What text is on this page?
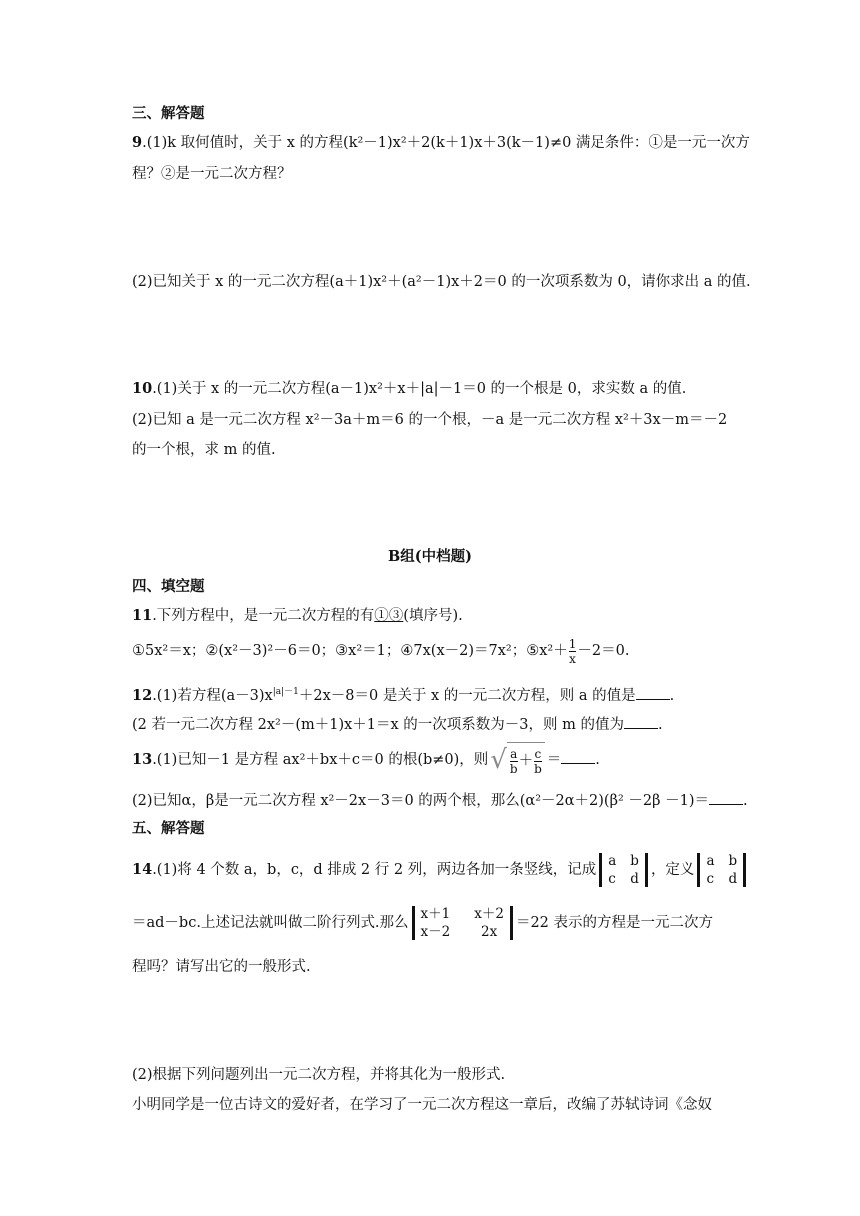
三、解答题
9.(1)k 取何值时，关于 x 的方程(k²－1)x²＋2(k＋1)x＋3(k－1)≠0 满足条件：①是一元一次方
程？②是一元二次方程？
(2)已知关于 x 的一元二次方程(a＋1)x²＋(a²－1)x＋2＝0 的一次项系数为 0，请你求出 a 的值.
10.(1)关于 x 的一元二次方程(a－1)x²＋x＋|a|－1＝0 的一个根是 0，求实数 a 的值.
(2)已知 a 是一元二次方程 x²－3a＋m＝6 的一个根，－a 是一元二次方程 x²＋3x－m＝－2
的一个根，求 m 的值.
B组(中档题)
四、填空题
11.下列方程中，是一元二次方程的有①③(填序号).
①5x²＝x；②(x²－3)²－6＝0；③x²＝1；④7x(x－2)＝7x²；⑤x²＋ $\frac{1}{x} -2=0$.
12.(1)若方程$(a-3)x^{|a|-1}+2x-8=0$ 是关于 x 的一元二次方程，则 a 的值是 .
(2 若一元二次方程 2x²－(m＋1)x＋1＝x 的一次项系数为－3，则 m 的值为 .
13.(1)已知－1 是方程 ax²＋bx＋c＝0 的根(b≠0)，则 √ $\frac{a}{b} + \frac{c}{b}$ ＝ .
(2)已知α，β是一元二次方程 x²－2x－3＝0 的两个根，那么(α²－2α＋2)(β² －2β －1)＝ .
五、解答题
14.(1)将 4 个数 a，b，c，d 排成 2 行 2 列，两边各加一条竖线，记成
a b
c d
，定义
a b
c d
＝ad－bc.上述记法就叫做二阶行列式.那么
x＋1 x＋2
x－2	2x
＝22 表示的方程是一元二次方
程吗？请写出它的一般形式.
(2)根据下列问题列出一元二次方程，并将其化为一般形式.
小明同学是一位古诗文的爱好者，在学习了一元二次方程这一章后，改编了苏轼诗词《念奴
